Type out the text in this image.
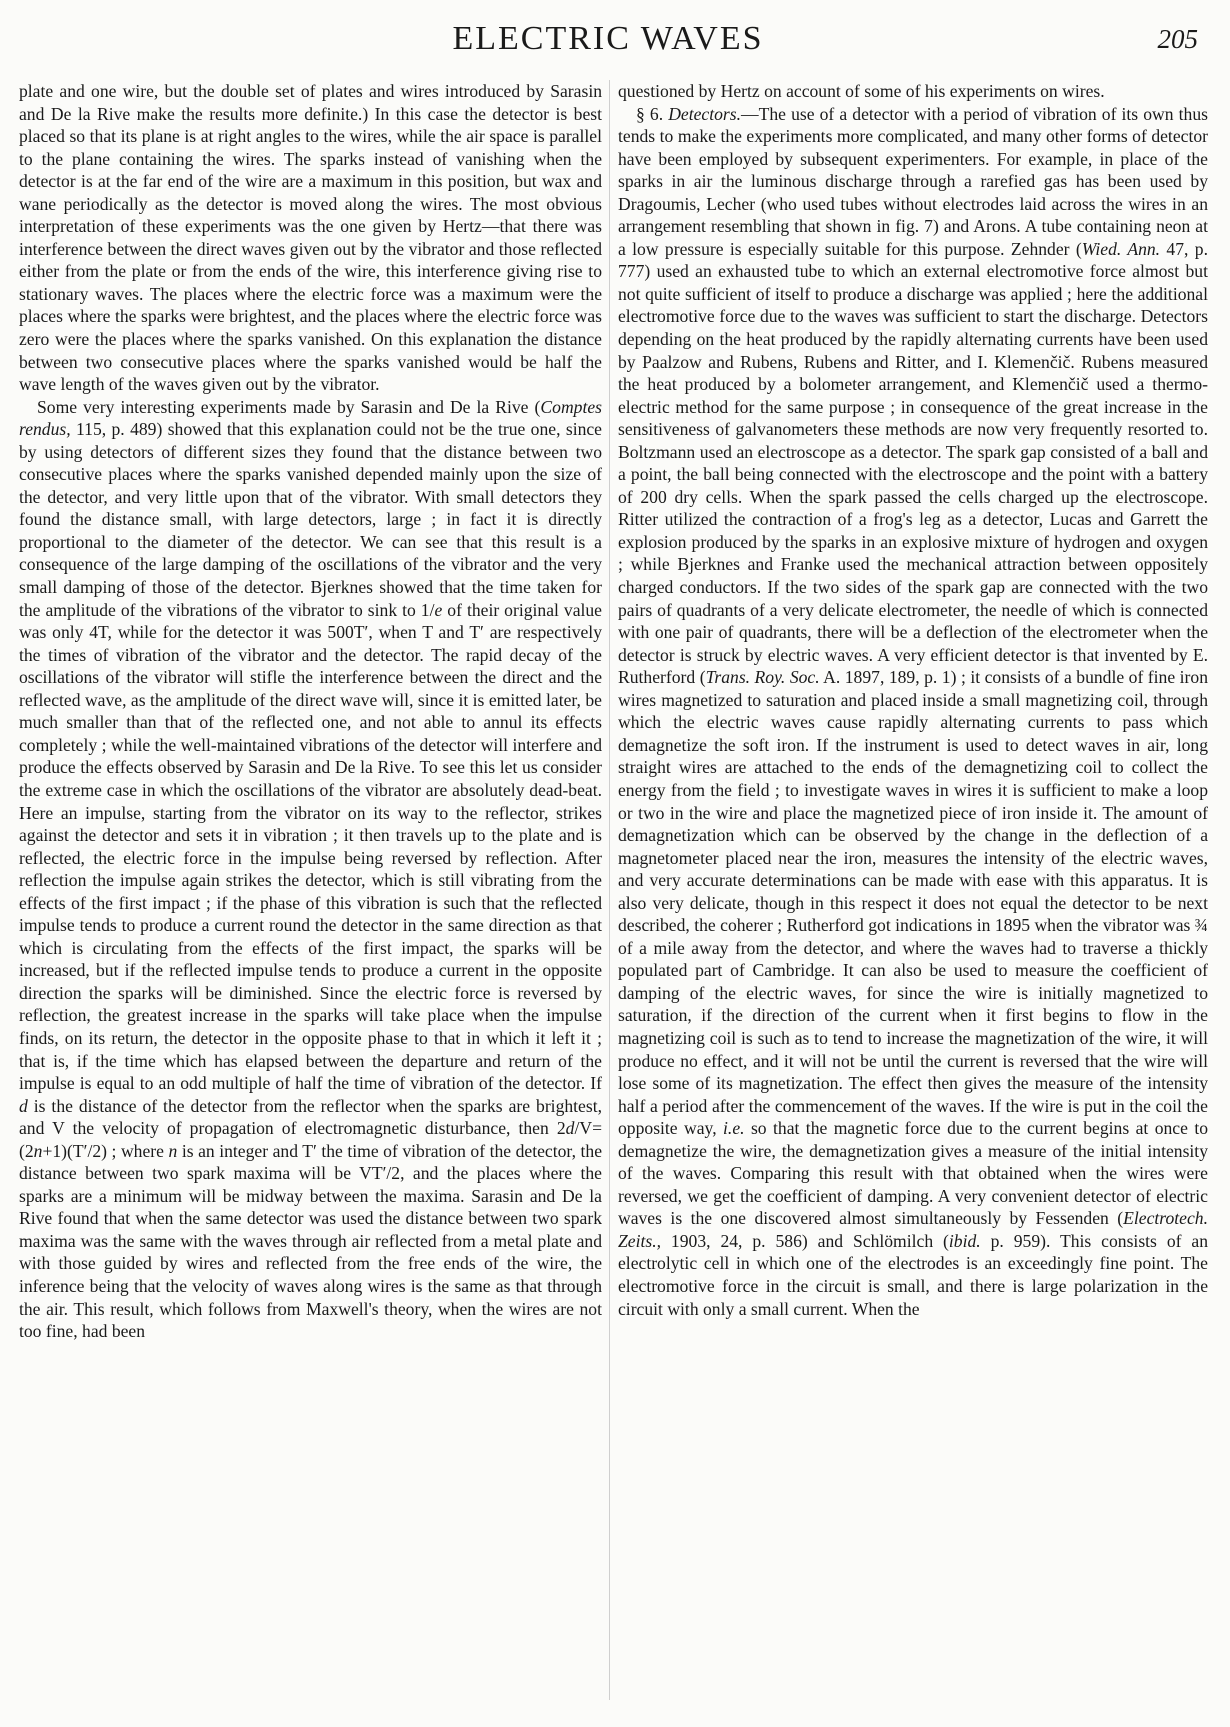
ELECTRIC WAVES	205

plate and one wire, but the double set of plates and wires introduced by Sarasin and De la Rive make the results more definite.) In this case the detector is best placed so that its plane is at right angles to the wires, while the air space is parallel to the plane containing the wires. The sparks instead of vanishing when the detector is at the far end of the wire are a maximum in this position, but wax and wane periodically as the detector is moved along the wires. The most obvious interpretation of these experiments was the one given by Hertz—that there was interference between the direct waves given out by the vibrator and those reflected either from the plate or from the ends of the wire, this interference giving rise to stationary waves. The places where the electric force was a maximum were the places where the sparks were brightest, and the places where the electric force was zero were the places where the sparks vanished. On this explanation the distance between two consecutive places where the sparks vanished would be half the wave length of the waves given out by the vibrator.

Some very interesting experiments made by Sarasin and De la Rive (Comptes rendus, 115, p. 489) showed that this explanation could not be the true one, since by using detectors of different sizes they found that the distance between two consecutive places where the sparks vanished depended mainly upon the size of the detector, and very little upon that of the vibrator. With small detectors they found the distance small, with large detectors, large ; in fact it is directly proportional to the diameter of the detector. We can see that this result is a consequence of the large damping of the oscillations of the vibrator and the very small damping of those of the detector. Bjerknes showed that the time taken for the amplitude of the vibrations of the vibrator to sink to 1/e of their original value was only 4T, while for the detector it was 500T′, when T and T′ are respectively the times of vibration of the vibrator and the detector. The rapid decay of the oscillations of the vibrator will stifle the interference between the direct and the reflected wave, as the amplitude of the direct wave will, since it is emitted later, be much smaller than that of the reflected one, and not able to annul its effects completely ; while the well-maintained vibrations of the detector will interfere and produce the effects observed by Sarasin and De la Rive. To see this let us consider the extreme case in which the oscillations of the vibrator are absolutely dead-beat. Here an impulse, starting from the vibrator on its way to the reflector, strikes against the detector and sets it in vibration ; it then travels up to the plate and is reflected, the electric force in the impulse being reversed by reflection. After reflection the impulse again strikes the detector, which is still vibrating from the effects of the first impact ; if the phase of this vibration is such that the reflected impulse tends to produce a current round the detector in the same direction as that which is circulating from the effects of the first impact, the sparks will be increased, but if the reflected impulse tends to produce a current in the opposite direction the sparks will be diminished. Since the electric force is reversed by reflection, the greatest increase in the sparks will take place when the impulse finds, on its return, the detector in the opposite phase to that in which it left it ; that is, if the time which has elapsed between the departure and return of the impulse is equal to an odd multiple of half the time of vibration of the detector. If d is the distance of the detector from the reflector when the sparks are brightest, and V the velocity of propagation of electromagnetic disturbance, then 2d/V=(2n+1)(T′/2) ; where n is an integer and T′ the time of vibration of the detector, the distance between two spark maxima will be VT′/2, and the places where the sparks are a minimum will be midway between the maxima. Sarasin and De la Rive found that when the same detector was used the distance between two spark maxima was the same with the waves through air reflected from a metal plate and with those guided by wires and reflected from the free ends of the wire, the inference being that the velocity of waves along wires is the same as that through the air. This result, which follows from Maxwell's theory, when the wires are not too fine, had been

questioned by Hertz on account of some of his experiments on wires.

§ 6. Detectors.—The use of a detector with a period of vibration of its own thus tends to make the experiments more complicated, and many other forms of detector have been employed by subsequent experimenters. For example, in place of the sparks in air the luminous discharge through a rarefied gas has been used by Dragoumis, Lecher (who used tubes without electrodes laid across the wires in an arrangement resembling that shown in fig. 7) and Arons. A tube containing neon at a low pressure is especially suitable for this purpose. Zehnder (Wied. Ann. 47, p. 777) used an exhausted tube to which an external electromotive force almost but not quite sufficient of itself to produce a discharge was applied ; here the additional electromotive force due to the waves was sufficient to start the discharge. Detectors depending on the heat produced by the rapidly alternating currents have been used by Paalzow and Rubens, Rubens and Ritter, and I. Klemenčič. Rubens measured the heat produced by a bolometer arrangement, and Klemenčič used a thermo-electric method for the same purpose ; in consequence of the great increase in the sensitiveness of galvanometers these methods are now very frequently resorted to. Boltzmann used an electroscope as a detector. The spark gap consisted of a ball and a point, the ball being connected with the electroscope and the point with a battery of 200 dry cells. When the spark passed the cells charged up the electroscope. Ritter utilized the contraction of a frog's leg as a detector, Lucas and Garrett the explosion produced by the sparks in an explosive mixture of hydrogen and oxygen ; while Bjerknes and Franke used the mechanical attraction between oppositely charged conductors. If the two sides of the spark gap are connected with the two pairs of quadrants of a very delicate electrometer, the needle of which is connected with one pair of quadrants, there will be a deflection of the electrometer when the detector is struck by electric waves. A very efficient detector is that invented by E. Rutherford (Trans. Roy. Soc. A. 1897, 189, p. 1) ; it consists of a bundle of fine iron wires magnetized to saturation and placed inside a small magnetizing coil, through which the electric waves cause rapidly alternating currents to pass which demagnetize the soft iron. If the instrument is used to detect waves in air, long straight wires are attached to the ends of the demagnetizing coil to collect the energy from the field ; to investigate waves in wires it is sufficient to make a loop or two in the wire and place the magnetized piece of iron inside it. The amount of demagnetization which can be observed by the change in the deflection of a magnetometer placed near the iron, measures the intensity of the electric waves, and very accurate determinations can be made with ease with this apparatus. It is also very delicate, though in this respect it does not equal the detector to be next described, the coherer ; Rutherford got indications in 1895 when the vibrator was ¾ of a mile away from the detector, and where the waves had to traverse a thickly populated part of Cambridge. It can also be used to measure the coefficient of damping of the electric waves, for since the wire is initially magnetized to saturation, if the direction of the current when it first begins to flow in the magnetizing coil is such as to tend to increase the magnetization of the wire, it will produce no effect, and it will not be until the current is reversed that the wire will lose some of its magnetization. The effect then gives the measure of the intensity half a period after the commencement of the waves. If the wire is put in the coil the opposite way, i.e. so that the magnetic force due to the current begins at once to demagnetize the wire, the demagnetization gives a measure of the initial intensity of the waves. Comparing this result with that obtained when the wires were reversed, we get the coefficient of damping. A very convenient detector of electric waves is the one discovered almost simultaneously by Fessenden (Electrotech. Zeits., 1903, 24, p. 586) and Schlömilch (ibid. p. 959). This consists of an electrolytic cell in which one of the electrodes is an exceedingly fine point. The electromotive force in the circuit is small, and there is large polarization in the circuit with only a small current. When the
